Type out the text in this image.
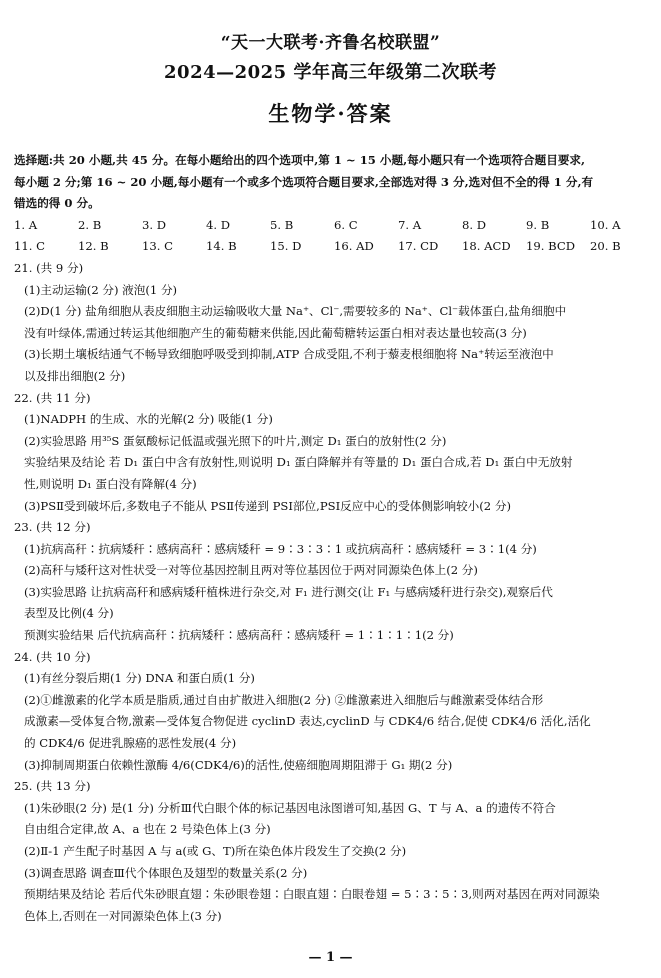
“天一大联考·齐鲁名校联盟”
2024—2025 学年高三年级第二次联考
生物学·答案
选择题:共 20 小题,共 45 分。在每小题给出的四个选项中,第 1 ~ 15 小题,每小题只有一个选项符合题目要求,
每小题 2 分;第 16 ~ 20 小题,每小题有一个或多个选项符合题目要求,全部选对得 3 分,选对但不全的得 1 分,有
错选的得 0 分。
1. A	2. B	3. D	4. D	5. B	6. C	7. A	8. D	9. B	10. A
11. C	12. B	13. C	14. B	15. D	16. AD	17. CD	18. ACD	19. BCD	20. B
21. (共 9 分)
(1)主动运输(2 分) 液泡(1 分)
(2)D(1 分) 盐角细胞从表皮细胞主动运输吸收大量 Na⁺、Cl⁻,需要较多的 Na⁺、Cl⁻载体蛋白,盐角细胞中
没有叶绿体,需通过转运其他细胞产生的葡萄糖来供能,因此葡萄糖转运蛋白相对表达量也较高(3 分)
(3)长期土壤板结通气不畅导致细胞呼吸受到抑制,ATP 合成受阻,不利于藜麦根细胞将 Na⁺转运至液泡中
以及排出细胞(2 分)
22. (共 11 分)
(1)NADPH 的生成、水的光解(2 分) 吸能(1 分)
(2)实验思路 用³⁵S 蛋氨酸标记低温或强光照下的叶片,测定 D₁ 蛋白的放射性(2 分)
实验结果及结论 若 D₁ 蛋白中含有放射性,则说明 D₁ 蛋白降解并有等量的 D₁ 蛋白合成,若 D₁ 蛋白中无放射
性,则说明 D₁ 蛋白没有降解(4 分)
(3)PSⅡ受到破坏后,多数电子不能从 PSⅡ传递到 PSⅠ部位,PSⅠ反应中心的受体侧影响较小(2 分)
23. (共 12 分)
(1)抗病高秆∶抗病矮秆∶感病高秆∶感病矮秆 = 9∶3∶3∶1 或抗病高秆∶感病矮秆 = 3∶1(4 分)
(2)高秆与矮秆这对性状受一对等位基因控制且两对等位基因位于两对同源染色体上(2 分)
(3)实验思路 让抗病高秆和感病矮秆植株进行杂交,对 F₁ 进行测交(让 F₁ 与感病矮秆进行杂交),观察后代
表型及比例(4 分)
预测实验结果 后代抗病高秆∶抗病矮秆∶感病高秆∶感病矮秆 = 1∶1∶1∶1(2 分)
24. (共 10 分)
(1)有丝分裂后期(1 分) DNA 和蛋白质(1 分)
(2)①雌激素的化学本质是脂质,通过自由扩散进入细胞(2 分) ②雌激素进入细胞后与雌激素受体结合形
成激素—受体复合物,激素—受体复合物促进 cyclinD 表达,cyclinD 与 CDK4/6 结合,促使 CDK4/6 活化,活化
的 CDK4/6 促进乳腺癌的恶性发展(4 分)
(3)抑制周期蛋白依赖性激酶 4/6(CDK4/6)的活性,使癌细胞周期阻滞于 G₁ 期(2 分)
25. (共 13 分)
(1)朱砂眼(2 分) 是(1 分) 分析Ⅲ代白眼个体的标记基因电泳图谱可知,基因 G、T 与 A、a 的遗传不符合
自由组合定律,故 A、a 也在 2 号染色体上(3 分)
(2)Ⅱ-1 产生配子时基因 A 与 a(或 G、T)所在染色体片段发生了交换(2 分)
(3)调查思路 调查Ⅲ代个体眼色及翅型的数量关系(2 分)
预期结果及结论 若后代朱砂眼直翅∶朱砂眼卷翅∶白眼直翅∶白眼卷翅 = 5∶3∶5∶3,则两对基因在两对同源染
色体上,否则在一对同源染色体上(3 分)
— 1 —
